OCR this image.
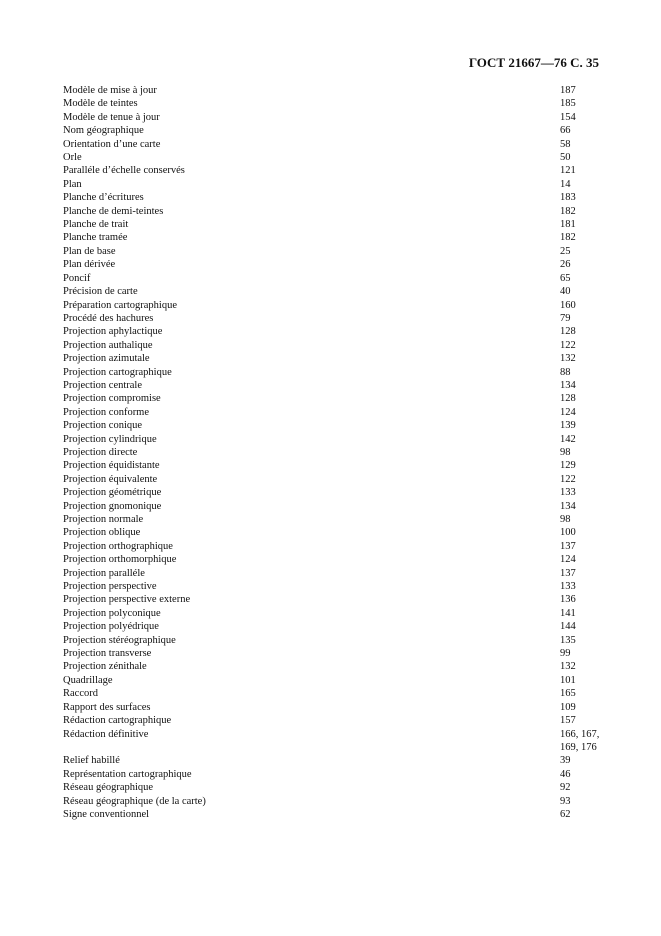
ГОСТ 21667—76 С. 35
Modèle de mise à jour	187
Modèle de teintes	185
Modèle de tenue à jour	154
Nom géographique	66
Orientation d’une carte	58
Orle	50
Paralléle d’échelle conservés	121
Plan	14
Planche d’écritures	183
Planche de demi-teintes	182
Planche de trait	181
Planche tramée	182
Plan de base	25
Plan dérivée	26
Poncif	65
Précision de carte	40
Préparation cartographique	160
Procédé des hachures	79
Projection aphylactique	128
Projection authalique	122
Projection azimutale	132
Projection cartographique	88
Projection centrale	134
Projection compromise	128
Projection conforme	124
Projection conique	139
Projection cylindrique	142
Projection directe	98
Projection équidistante	129
Projection équivalente	122
Projection géométrique	133
Projection gnomonique	134
Projection normale	98
Projection oblique	100
Projection orthographique	137
Projection orthomorphique	124
Projection paralléle	137
Projection perspective	133
Projection perspective externe	136
Projection polyconique	141
Projection polyédrique	144
Projection stéréographique	135
Projection transverse	99
Projection zénithale	132
Quadrillage	101
Raccord	165
Rapport des surfaces	109
Rédaction cartographique	157
Rédaction définitive	166, 167,
169, 176
Relief habillé	39
Représentation cartographique	46
Réseau géographique	92
Réseau géographique (de la carte)	93
Signe conventionnel	62
